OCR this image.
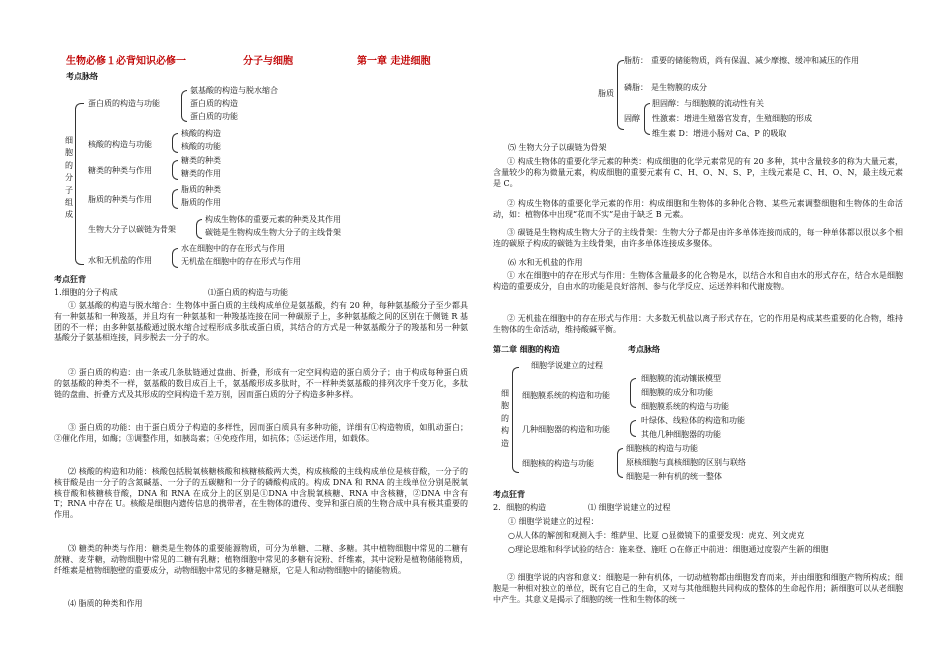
生物必修１必背知识必修一	分子与细胞	第一章 走进细胞
考点脉络
细胞的分子组成
蛋白质的构造与功能
氨基酸的构造与脱水缩合
蛋白质的构造
蛋白质的功能
核酸的构造与功能
核酸的构造
核酸的功能
糖类的种类与作用
糖类的种类
糖类的作用
脂质的种类与作用
脂质的种类
脂质的作用
生物大分子以碳链为骨架
构成生物体的重要元素的种类及其作用
碳链是生物构成生物大分子的主线骨架
水和无机盐的作用
水在细胞中的存在形式与作用
无机盐在细胞中的存在形式与作用
考点狂背
1.细胞的分子构成	⑴蛋白质的构造与功能
① 氨基酸的构造与脱水缩合：生物体中蛋白质的主线构成单位是氨基酸，约有 20 种，每种氨基酸分子至少都具有一种氨基和一种羧基，并且均有一种氨基和一种羧基连接在同一种碳原子上，多种氨基酸之间的区别在于侧链 R 基团的不一样；由多种氨基酸通过脱水缩合过程形成多肽或蛋白质，其结合的方式是一种氨基酸分子的羧基和另一种氨基酸分子氨基相连接，同步脱去一分子的水。
② 蛋白质的构造：由一条或几条肽链通过盘曲、折叠，形成有一定空间构造的蛋白质分子；由于构成每种蛋白质的氨基酸的种类不一样，氨基酸的数目成百上千，氨基酸形成多肽时，不一样种类氨基酸的排列次序千变万化，多肽链的盘曲、折叠方式及其形成的空间构造千差万别，因而蛋白质的分子构造多种多样。
③ 蛋白质的功能：由于蛋白质分子构造的多样性，因而蛋白质具有多种功能，详细有①构造物质，如肌动蛋白；②催化作用，如酶；③调整作用，如胰岛素；④免疫作用，如抗体；⑤运送作用，如载体。
⑵ 核酸的构造和功能：核酸包括脱氧核糖核酸和核糖核酸两大类，构成核酸的主线构成单位是核苷酸，一分子的核苷酸是由一分子的含氮碱基、一分子的五碳糖和一分子的磷酸构成的。构成 DNA 和 RNA 的主线单位分别是脱氧核苷酸和核糖核苷酸，DNA 和 RNA 在成分上的区别是①DNA 中含脱氧核糖、RNA 中含核糖，②DNA 中含有 T；RNA 中存在 U。核酸是细胞内遗传信息的携带者，在生物体的遗传、变异和蛋白质的生物合成中具有极其重要的作用。
⑶ 糖类的种类与作用：糖类是生物体的重要能源物质，可分为单糖、二糖、多糖。其中植物细胞中常见的二糖有蔗糖、麦芽糖，动物细胞中常见的二糖有乳糖；植物细胞中常见的多糖有淀粉、纤维素，其中淀粉是植物储能物质，纤维素是植物细胞壁的重要成分，动物细胞中常见的多糖是糖原，它是人和动物细胞中的储能物质。
⑷ 脂质的种类和作用
脂质
脂肪： 重要的储能物质，尚有保温、减少摩擦、缓冲和减压的作用
磷脂： 是生物膜的成分
固醇
胆固醇：与细胞膜的流动性有关
性激素：增进生殖器官发育，生殖细胞的形成
维生素 D：增进小肠对 Ca、P 的吸取
⑸ 生物大分子以碳链为骨架
① 构成生物体的重要化学元素的种类：构成细胞的化学元素常见的有 20 多种，其中含量较多的称为大量元素，含量较少的称为微量元素，构成细胞的重要元素有 C、H、O、N、S、P，主线元素是 C、H、O、N，最主线元素是 C。
② 构成生物体的重要化学元素的作用：构成细胞和生物体的多种化合物、某些元素调整细胞和生物体的生命活动，如：植物体中出现“花而不实”是由于缺乏 B 元素。
③ 碳链是生物构成生物大分子的主线骨架：生物大分子都是由许多单体连接而成的，每一种单体都以很以多个相连的碳原子构成的碳链为主线骨架，由许多单体连接成多聚体。
⑹ 水和无机盐的作用
① 水在细胞中的存在形式与作用：生物体含量最多的化合物是水，以结合水和自由水的形式存在，结合水是细胞构造的重要成分，自由水的功能是良好溶剂、参与化学反应、运送养料和代谢废物。
② 无机盐在细胞中的存在形式与作用：大多数无机盐以离子形式存在，它的作用是构成某些重要的化合物，维持生物体的生命活动，维持酸碱平衡。
第二章 细胞的构造	考点脉络
细胞的构造
细胞学说建立的过程
细胞膜系统的构造和功能
细胞膜的流动镶嵌模型
细胞膜的成分和功能
细胞膜系统的构造与功能
几种细胞器的构造和功能
叶绿体、线粒体的构造和功能
其他几种细胞器的功能
细胞核的构造与功能
细胞核的构造与功能
原核细胞与真核细胞的区别与联络
细胞是一种有机的统一整体
考点狂背
2．细胞的构造	⑴ 细胞学说建立的过程
① 细胞学说建立的过程：
○从人体的解剖和观测入手：维萨里、比夏 ○显微镜下的重要发现：虎克、列文虎克
○理论思维和科学试验的结合：施来登、施旺 ○在修正中前进：细胞通过度裂产生新的细胞
② 细胞学说的内容和意义：细胞是一种有机体，一切动植物都由细胞发育而来，并由细胞和细胞产物所构成；细胞是一种相对独立的单位，既有它自己的生命，又对与其他细胞共同构成的整体的生命起作用；新细胞可以从老细胞中产生。其意义是揭示了细胞的统一性和生物体的统一
